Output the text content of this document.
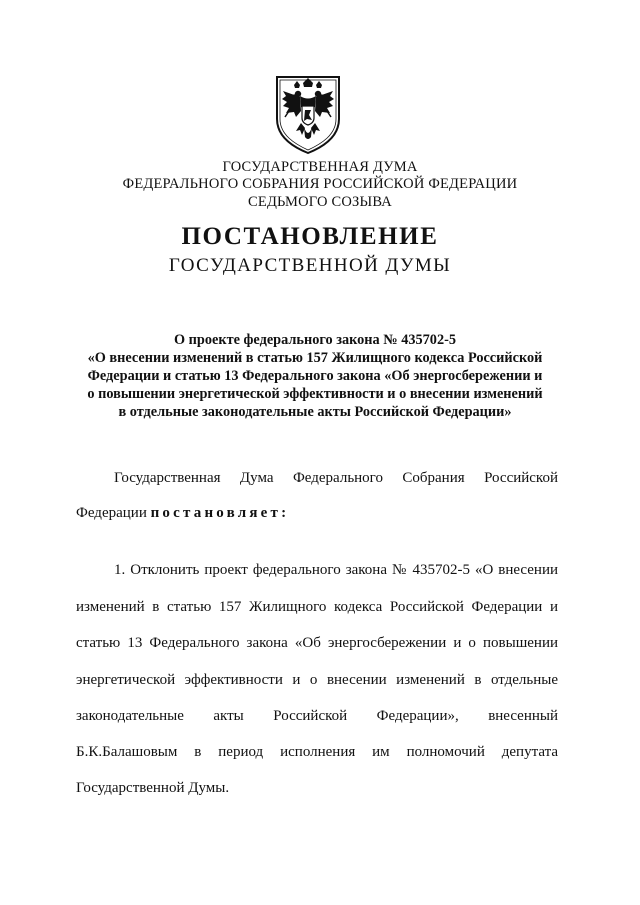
ГОСУДАРСТВЕННАЯ ДУМА
ФЕДЕРАЛЬНОГО СОБРАНИЯ РОССИЙСКОЙ ФЕДЕРАЦИИ
СЕДЬМОГО СОЗЫВА
ПОСТАНОВЛЕНИЕ
ГОСУДАРСТВЕННОЙ ДУМЫ
О проекте федерального закона № 435702-5
«О внесении изменений в статью 157 Жилищного кодекса Российской
Федерации и статью 13 Федерального закона «Об энергосбережении и
о повышении энергетической эффективности и о внесении изменений
в отдельные законодательные акты Российской Федерации»
Государственная Дума Федерального Собрания Российской
Федерации постановляет:
1. Отклонить проект федерального закона № 435702-5 «О внесении
изменений в статью 157 Жилищного кодекса Российской Федерации и
статью 13 Федерального закона «Об энергосбережении и о повышении
энергетической эффективности и о внесении изменений в отдельные
законодательные акты Российской Федерации», внесенный
Б.К.Балашовым в период исполнения им полномочий депутата
Государственной Думы.
